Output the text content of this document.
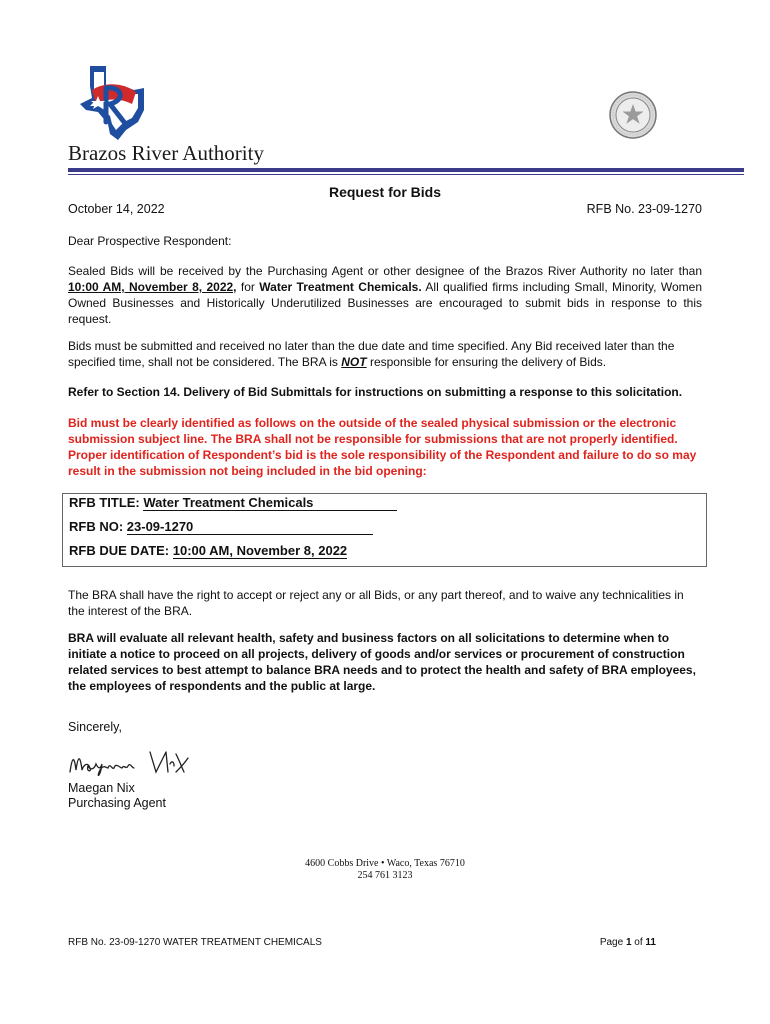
Brazos River Authority
Request for Bids
October 14, 2022	RFB No. 23-09-1270
Dear Prospective Respondent:
Sealed Bids will be received by the Purchasing Agent or other designee of the Brazos River Authority no later than 10:00 AM, November 8, 2022, for Water Treatment Chemicals. All qualified firms including Small, Minority, Women Owned Businesses and Historically Underutilized Businesses are encouraged to submit bids in response to this request.
Bids must be submitted and received no later than the due date and time specified. Any Bid received later than the specified time, shall not be considered. The BRA is NOT responsible for ensuring the delivery of Bids.
Refer to Section 14. Delivery of Bid Submittals for instructions on submitting a response to this solicitation.
Bid must be clearly identified as follows on the outside of the sealed physical submission or the electronic submission subject line. The BRA shall not be responsible for submissions that are not properly identified. Proper identification of Respondent’s bid is the sole responsibility of the Respondent and failure to do so may result in the submission not being included in the bid opening:
RFB TITLE: Water Treatment Chemicals
RFB NO: 23-09-1270
RFB DUE DATE: 10:00 AM, November 8, 2022
The BRA shall have the right to accept or reject any or all Bids, or any part thereof, and to waive any technicalities in the interest of the BRA.
BRA will evaluate all relevant health, safety and business factors on all solicitations to determine when to initiate a notice to proceed on all projects, delivery of goods and/or services or procurement of construction related services to best attempt to balance BRA needs and to protect the health and safety of BRA employees, the employees of respondents and the public at large.
Sincerely,
Maegan Nix
Purchasing Agent
4600 Cobbs Drive • Waco, Texas 76710
254 761 3123
RFB No. 23-09-1270 WATER TREATMENT CHEMICALS	Page 1 of 11
